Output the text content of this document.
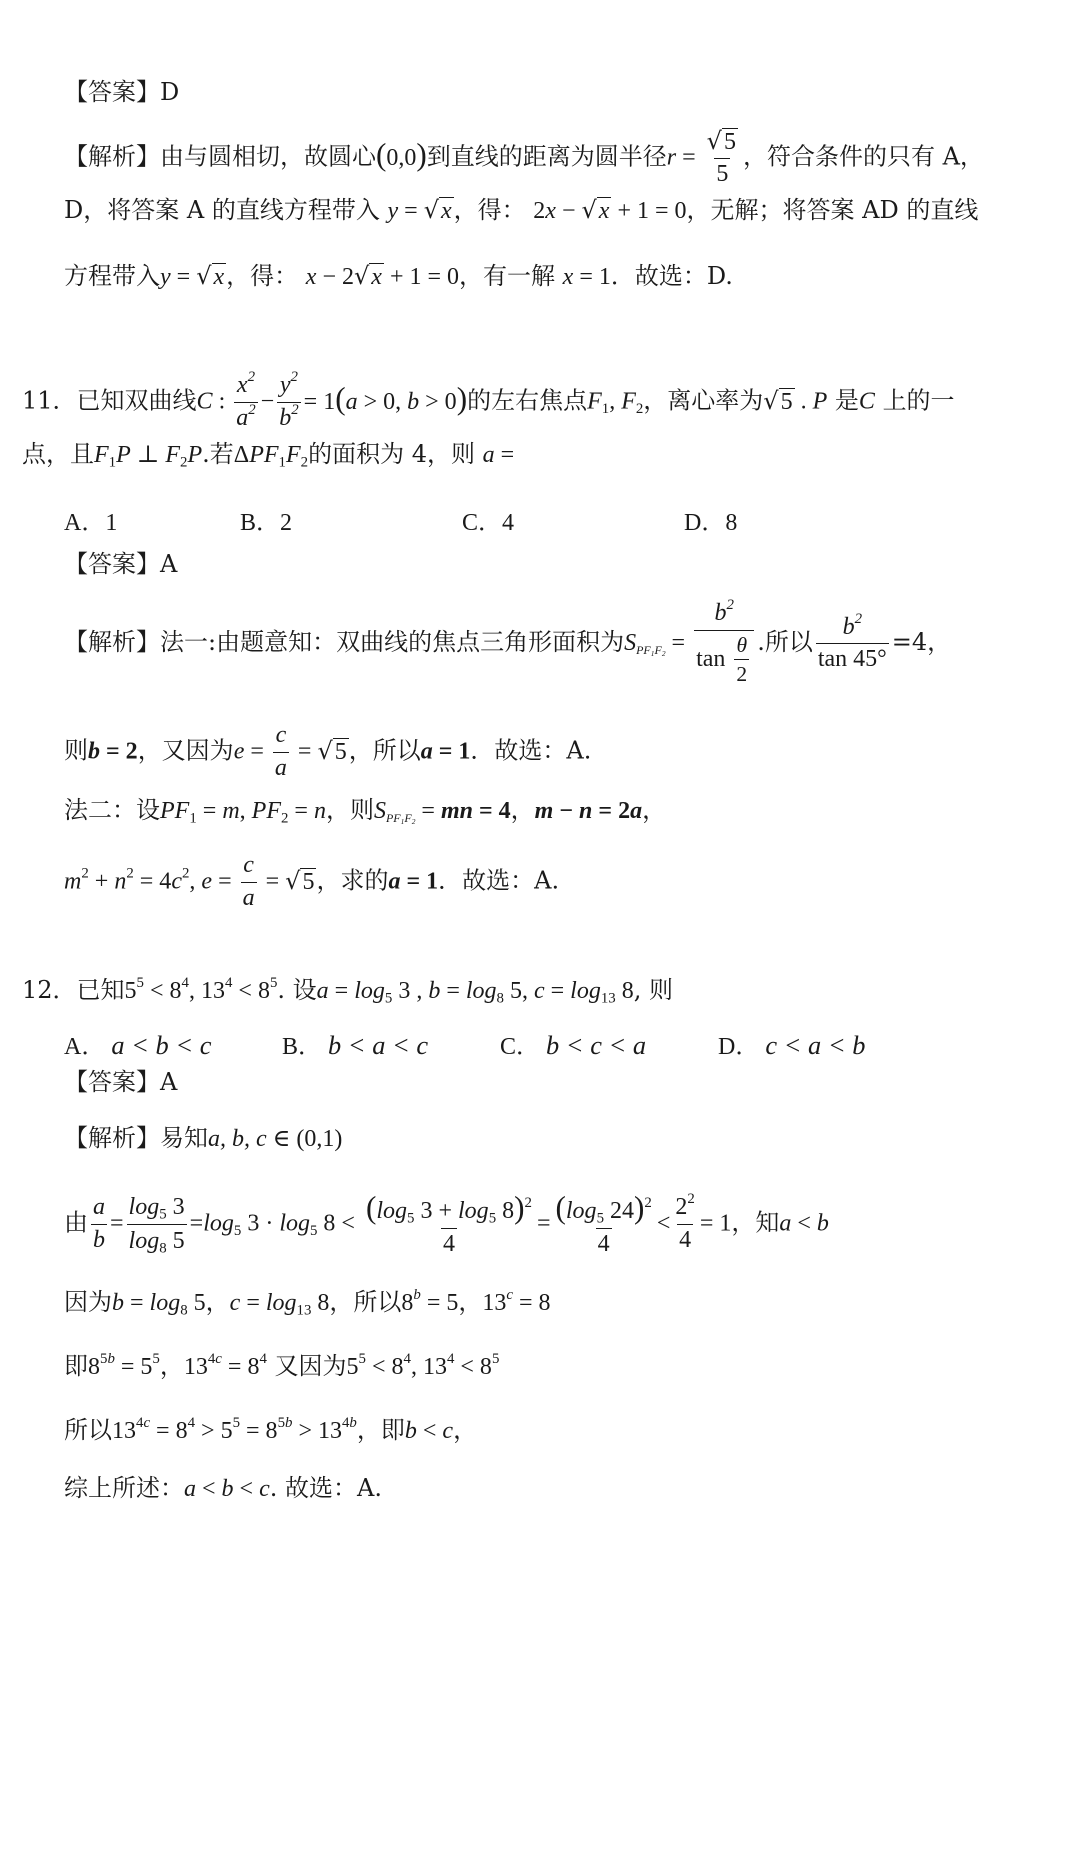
【答案】D
【解析】由与圆相切，故圆心(0,0)到直线的距离为圆半径$r = \frac{√ 5}{5}$ ，符合条件的只有 A，
D，将答案 A 的直线方程带入 y = √ x ，得： 2x − √ x + 1 = 0，无解；将答案 AD 的直线
方程带入y = √ x ，得： x − 2 √ x + 1 = 0，有一解 x = 1．故选：D.
11．已知双曲线C : $\frac{x^2}{a^2} - \frac{y^2}{b^2} = 1(a > 0$, b > 0)的左右焦点$F_1$, $F_2$，离心率为 √ 5 . P 是C 上的一
点，且$F_1P$ ⊥ $F_2P$.若$\Delta PF_1F_2$的面积为 4，则 a =
A．1	B．2	C．4	D．8
【答案】A
【解析】法一:由题意知：双曲线的焦点三角形面积为$S_{PF_1F_2} = \frac{b^2}{\tan \frac{\theta}{2}}$ .所以 $\frac{b^2}{\tan 45^\circ} =4$，
则b = 2，又因为$e = \frac{c}{a}$ = √ 5 ，所以a = 1．故选：A.
法二：设$PF_1 = m$, $PF_2 = n$，则$S_{PF_1F_2}$ = mn = 4，m − n = 2a，
$m^2 + n^2 = 4c^2$, $e = \frac{c}{a}$ = √ 5 ，求的a = 1．故选：A.
12．已知$5^5 < 8^4$, $13^4 < 8^5$. 设$a = \log_5 3$ , $b = \log_8 5$, $c = \log_{13} 8$, 则
A． a < b < c	B． b < a < c	C． b < c < a	D． c < a < b
【答案】A
【解析】易知a, b, c ∈ (0,1)
由 $\frac{a}{b} = \frac{\log_5 3}{\log_8 5} =\log_5$ $3 \cdot \log_5 8 < \frac{(\log_5 3 + \log_5 8)^2}{4} = \frac{(\log_5 24)^2}{4} < \frac{2^2}{4} = 1$，知a < b
因为$b = \log_8 5$，$c = \log_{13} 8$，所以$8^b = 5$，$13^c = 8$
即$8^{5b} = 5^5$，$13^{4c} = 8^4$ 又因为$5^5 < 8^4$, $13^4 < 8^5$
所以$13^{4c} = 8^4 > 5^5 = 8^{5b} > 13^{4b}$，即b < c，
综上所述：a < b < c. 故选：A.
